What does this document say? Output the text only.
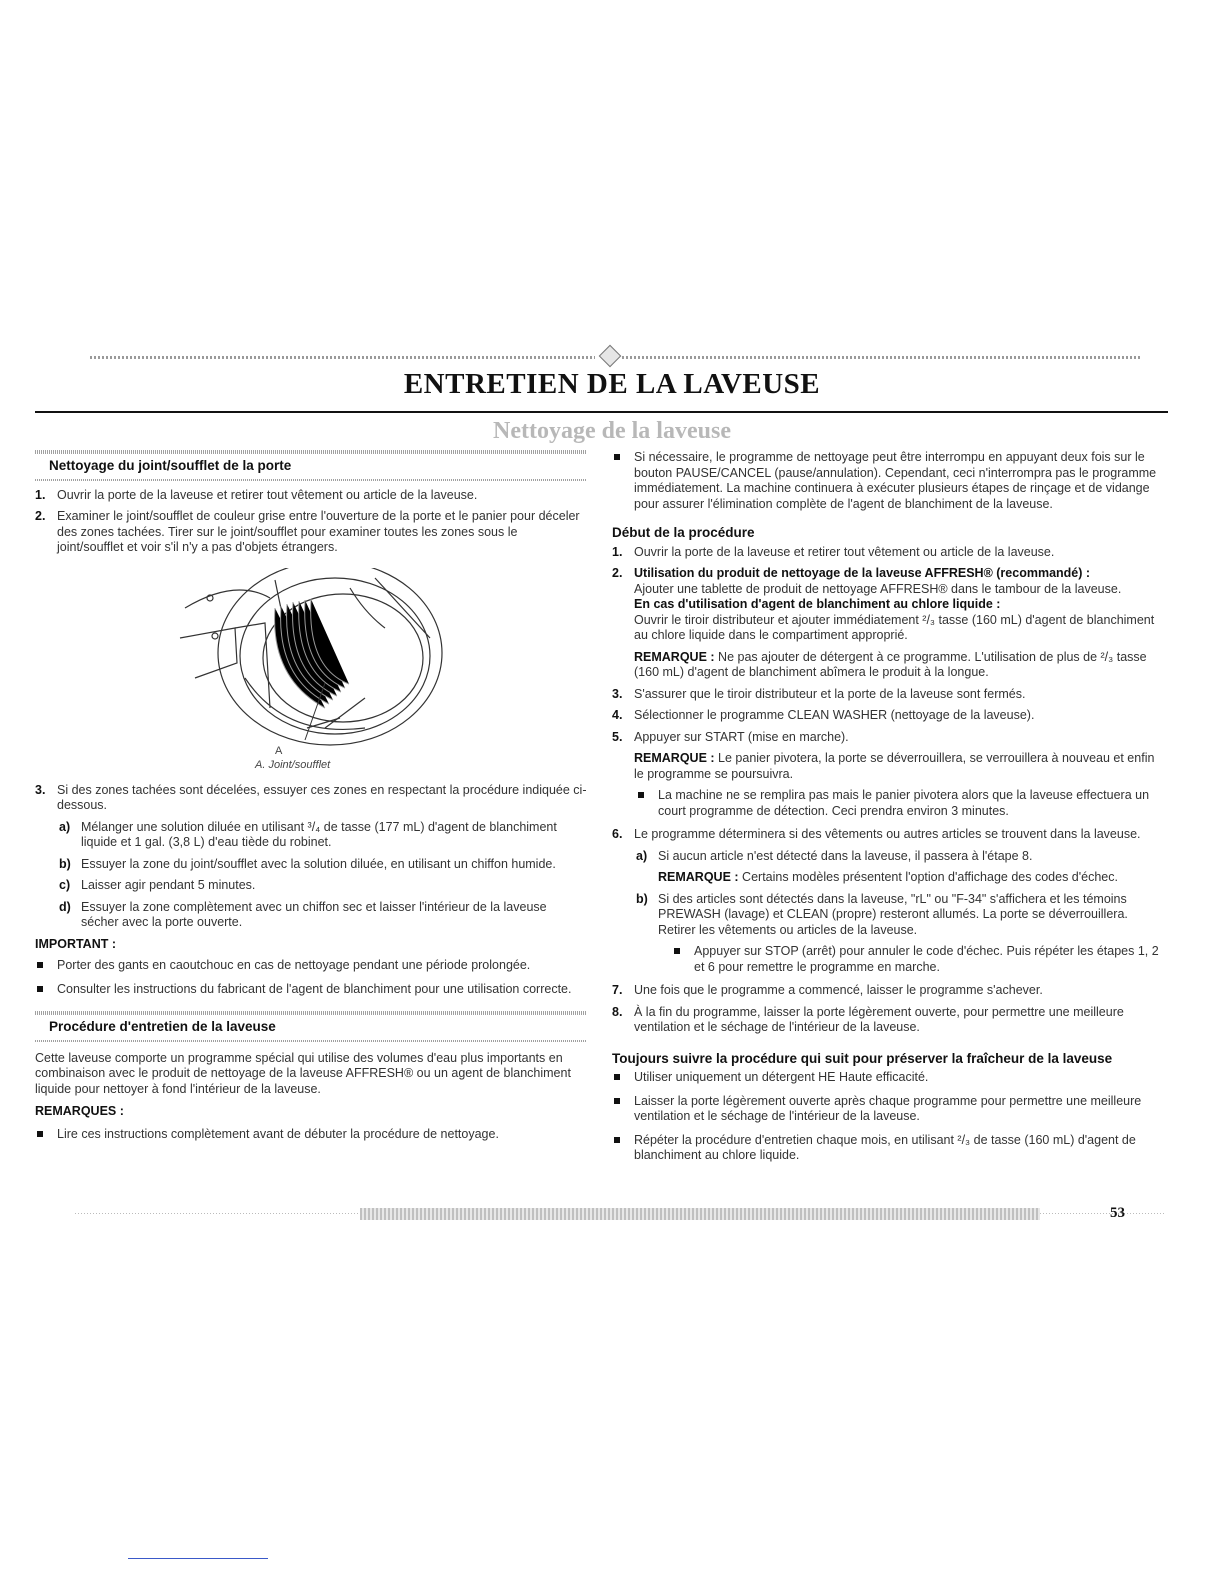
ENTRETIEN DE LA LAVEUSE
Nettoyage de la laveuse
Nettoyage du joint/soufflet de la porte
1. Ouvrir la porte de la laveuse et retirer tout vêtement ou article de la laveuse.
2. Examiner le joint/soufflet de couleur grise entre l'ouverture de la porte et le panier pour déceler des zones tachées. Tirer sur le joint/soufflet pour examiner toutes les zones sous le joint/soufflet et voir s'il n'y a pas d'objets étrangers.
A
A. Joint/soufflet
3. Si des zones tachées sont décelées, essuyer ces zones en respectant la procédure indiquée ci-dessous.
a) Mélanger une solution diluée en utilisant ³/₄ de tasse (177 mL) d'agent de blanchiment liquide et 1 gal. (3,8 L) d'eau tiède du robinet.
b) Essuyer la zone du joint/soufflet avec la solution diluée, en utilisant un chiffon humide.
c) Laisser agir pendant 5 minutes.
d) Essuyer la zone complètement avec un chiffon sec et laisser l'intérieur de la laveuse sécher avec la porte ouverte.

IMPORTANT :

Porter des gants en caoutchouc en cas de nettoyage pendant une période prolongée.
Consulter les instructions du fabricant de l'agent de blanchiment pour une utilisation correcte.
Procédure d'entretien de la laveuse

Cette laveuse comporte un programme spécial qui utilise des volumes d'eau plus importants en combinaison avec le produit de nettoyage de la laveuse AFFRESH® ou un agent de blanchiment liquide pour nettoyer à fond l'intérieur de la laveuse.

REMARQUES :

Lire ces instructions complètement avant de débuter la procédure de nettoyage.
Si nécessaire, le programme de nettoyage peut être interrompu en appuyant deux fois sur le bouton PAUSE/CANCEL (pause/annulation). Cependant, ceci n'interrompra pas le programme immédiatement. La machine continuera à exécuter plusieurs étapes de rinçage et de vidange pour assurer l'élimination complète de l'agent de blanchiment de la laveuse.
Début de la procédure
1. Ouvrir la porte de la laveuse et retirer tout vêtement ou article de la laveuse.
2. Utilisation du produit de nettoyage de la laveuse AFFRESH® (recommandé) :
Ajouter une tablette de produit de nettoyage AFFRESH® dans le tambour de la laveuse.
En cas d'utilisation d'agent de blanchiment au chlore liquide :
Ouvrir le tiroir distributeur et ajouter immédiatement ²/₃ tasse (160 mL) d'agent de blanchiment au chlore liquide dans le compartiment approprié.

REMARQUE : Ne pas ajouter de détergent à ce programme. L'utilisation de plus de ²/₃ tasse (160 mL) d'agent de blanchiment abîmera le produit à la longue.
3. S'assurer que le tiroir distributeur et la porte de la laveuse sont fermés.
4. Sélectionner le programme CLEAN WASHER (nettoyage de la laveuse).
5. Appuyer sur START (mise en marche).

REMARQUE : Le panier pivotera, la porte se déverrouillera, se verrouillera à nouveau et enfin le programme se poursuivra.
La machine ne se remplira pas mais le panier pivotera alors que la laveuse effectuera un court programme de détection. Ceci prendra environ 3 minutes.
6. Le programme déterminera si des vêtements ou autres articles se trouvent dans la laveuse.
a) Si aucun article n'est détecté dans la laveuse, il passera à l'étape 8.

REMARQUE : Certains modèles présentent l'option d'affichage des codes d'échec.
b) Si des articles sont détectés dans la laveuse, "rL" ou "F-34" s'affichera et les témoins PREWASH (lavage) et CLEAN (propre) resteront allumés. La porte se déverrouillera. Retirer les vêtements ou articles de la laveuse.
Appuyer sur STOP (arrêt) pour annuler le code d'échec. Puis répéter les étapes 1, 2 et 6 pour remettre le programme en marche.
7. Une fois que le programme a commencé, laisser le programme s'achever.
8. À la fin du programme, laisser la porte légèrement ouverte, pour permettre une meilleure ventilation et le séchage de l'intérieur de la laveuse.
Toujours suivre la procédure qui suit pour préserver la fraîcheur de la laveuse
Utiliser uniquement un détergent HE Haute efficacité.
Laisser la porte légèrement ouverte après chaque programme pour permettre une meilleure ventilation et le séchage de l'intérieur de la laveuse.
Répéter la procédure d'entretien chaque mois, en utilisant ²/₃ de tasse (160 mL) d'agent de blanchiment au chlore liquide.
53
